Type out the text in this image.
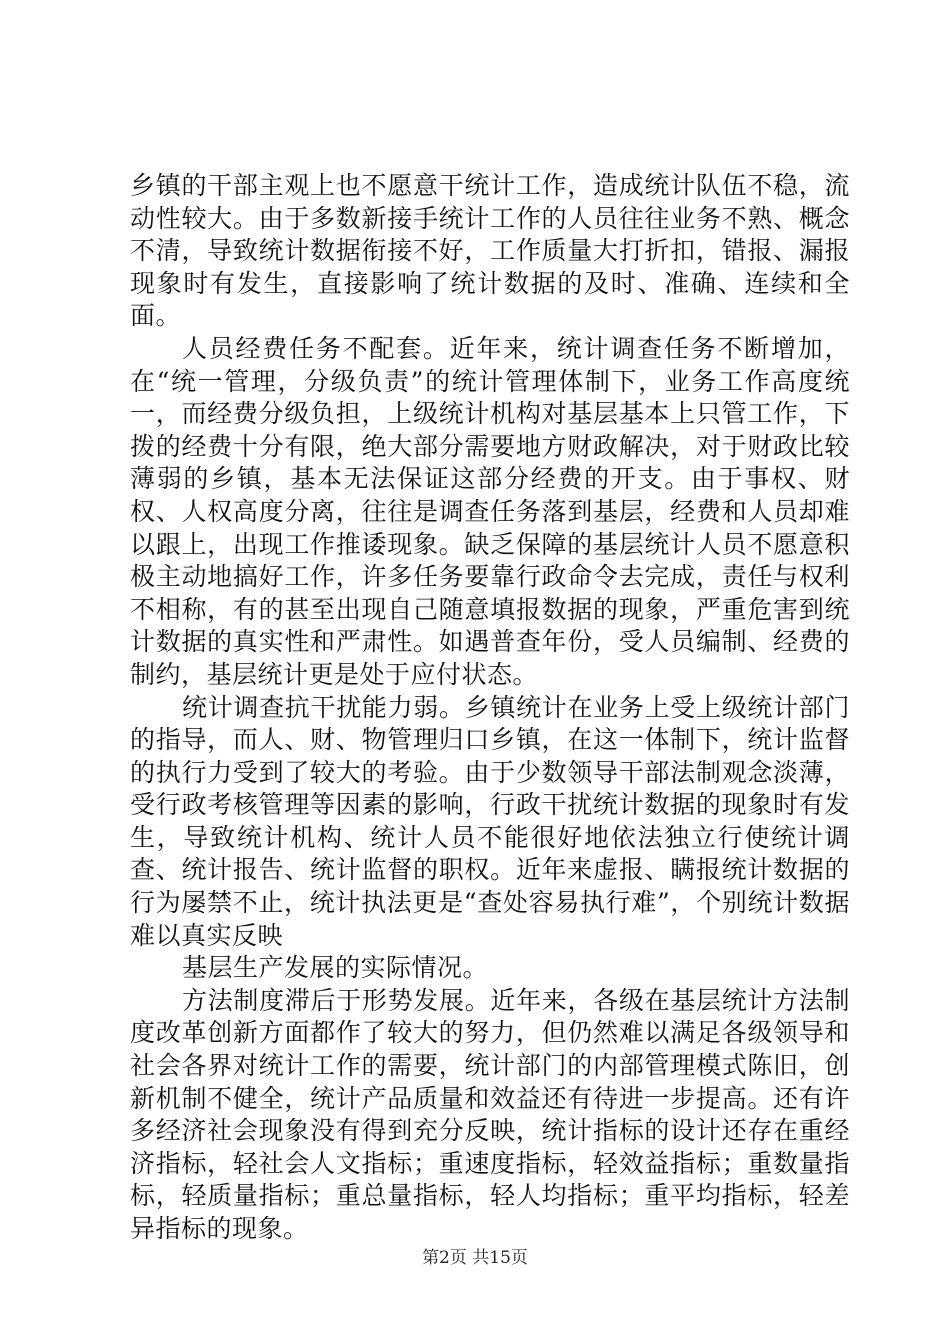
乡镇的干部主观上也不愿意干统计工作，造成统计队伍不稳，流动性较大。由于多数新接手统计工作的人员往往业务不熟、概念不清，导致统计数据衔接不好，工作质量大打折扣，错报、漏报现象时有发生，直接影响了统计数据的及时、准确、连续和全面。

人员经费任务不配套。近年来，统计调查任务不断增加，在“统一管理，分级负责”的统计管理体制下，业务工作高度统一，而经费分级负担，上级统计机构对基层基本上只管工作，下拨的经费十分有限，绝大部分需要地方财政解决，对于财政比较薄弱的乡镇，基本无法保证这部分经费的开支。由于事权、财权、人权高度分离，往往是调查任务落到基层，经费和人员却难以跟上，出现工作推诿现象。缺乏保障的基层统计人员不愿意积极主动地搞好工作，许多任务要靠行政命令去完成，责任与权利不相称，有的甚至出现自己随意填报数据的现象，严重危害到统计数据的真实性和严肃性。如遇普查年份，受人员编制、经费的制约，基层统计更是处于应付状态。

统计调查抗干扰能力弱。乡镇统计在业务上受上级统计部门的指导，而人、财、物管理归口乡镇，在这一体制下，统计监督的执行力受到了较大的考验。由于少数领导干部法制观念淡薄，受行政考核管理等因素的影响，行政干扰统计数据的现象时有发生，导致统计机构、统计人员不能很好地依法独立行使统计调查、统计报告、统计监督的职权。近年来虚报、瞒报统计数据的行为屡禁不止，统计执法更是“查处容易执行难”，个别统计数据难以真实反映

基层生产发展的实际情况。

方法制度滞后于形势发展。近年来，各级在基层统计方法制度改革创新方面都作了较大的努力，但仍然难以满足各级领导和社会各界对统计工作的需要，统计部门的内部管理模式陈旧，创新机制不健全，统计产品质量和效益还有待进一步提高。还有许多经济社会现象没有得到充分反映，统计指标的设计还存在重经济指标，轻社会人文指标；重速度指标，轻效益指标；重数量指标，轻质量指标；重总量指标，轻人均指标；重平均指标，轻差异指标的现象。

第2页 共15页
